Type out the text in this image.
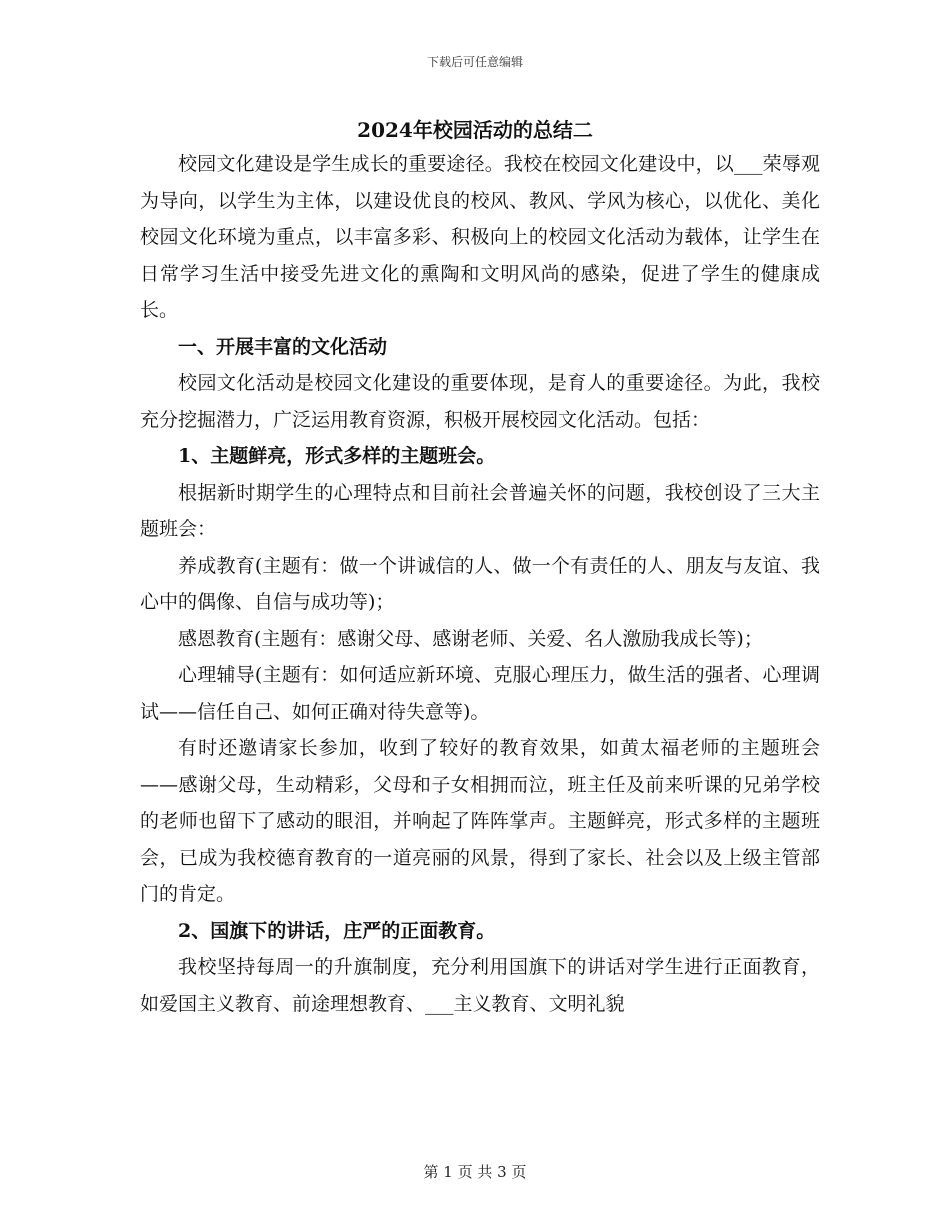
下载后可任意编辑
2024年校园活动的总结二

校园文化建设是学生成长的重要途径。我校在校园文化建设中，以___荣辱观为导向，以学生为主体，以建设优良的校风、教风、学风为核心，以优化、美化校园文化环境为重点，以丰富多彩、积极向上的校园文化活动为载体，让学生在日常学习生活中接受先进文化的熏陶和文明风尚的感染，促进了学生的健康成长。

一、开展丰富的文化活动

校园文化活动是校园文化建设的重要体现，是育人的重要途径。为此，我校充分挖掘潜力，广泛运用教育资源，积极开展校园文化活动。包括：

1、主题鲜亮，形式多样的主题班会。

根据新时期学生的心理特点和目前社会普遍关怀的问题，我校创设了三大主题班会：

养成教育(主题有：做一个讲诚信的人、做一个有责任的人、朋友与友谊、我心中的偶像、自信与成功等)；

感恩教育(主题有：感谢父母、感谢老师、关爱、名人激励我成长等)；

心理辅导(主题有：如何适应新环境、克服心理压力，做生活的强者、心理调试——信任自己、如何正确对待失意等)。

有时还邀请家长参加，收到了较好的教育效果，如黄太福老师的主题班会——感谢父母，生动精彩，父母和子女相拥而泣，班主任及前来听课的兄弟学校的老师也留下了感动的眼泪，并响起了阵阵掌声。主题鲜亮，形式多样的主题班会，已成为我校德育教育的一道亮丽的风景，得到了家长、社会以及上级主管部门的肯定。

2、国旗下的讲话，庄严的正面教育。

我校坚持每周一的升旗制度，充分利用国旗下的讲话对学生进行正面教育，如爱国主义教育、前途理想教育、___主义教育、文明礼貌

第 1 页 共 3 页
